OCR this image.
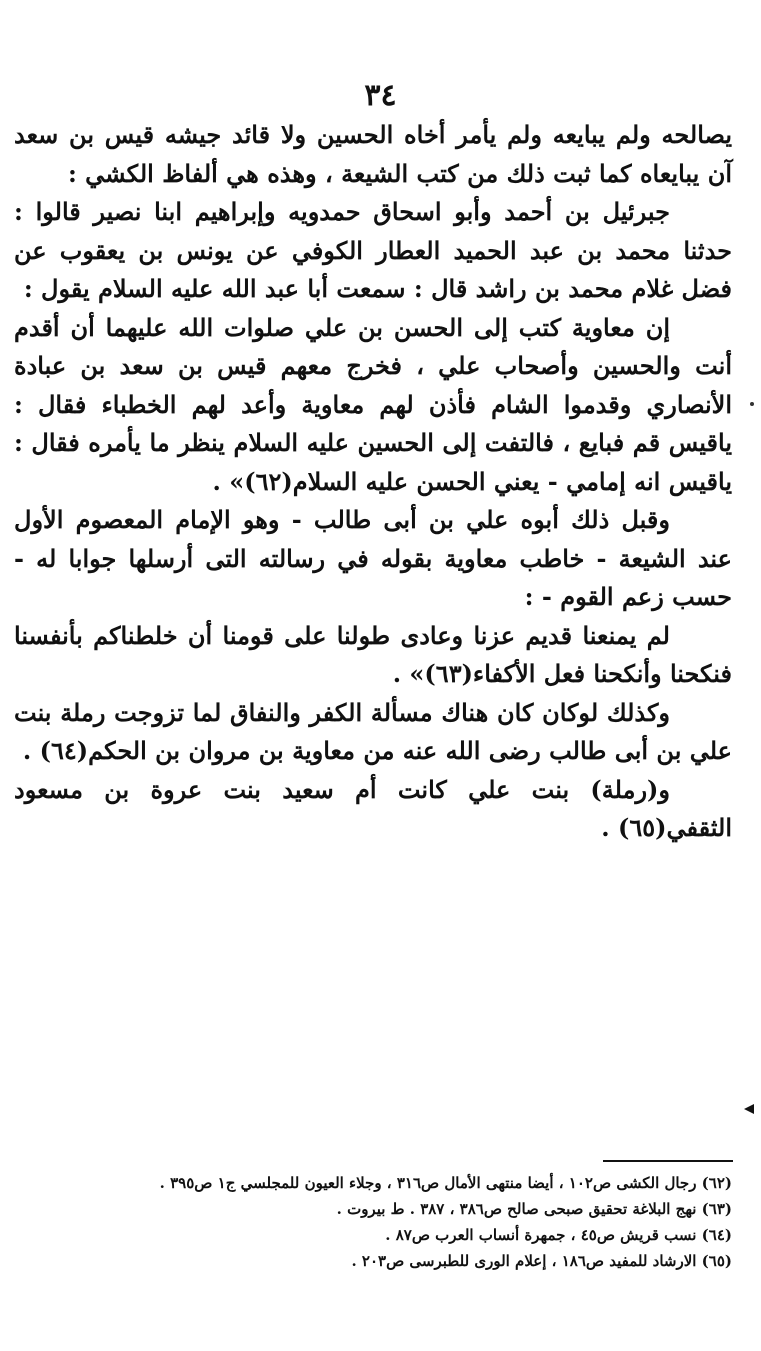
٣٤

يصالحه ولم يبايعه ولم يأمر أخاه الحسين ولا قائد جيشه قيس بن سعد آن يبايعاه كما ثبت ذلك من كتب الشيعة ، وهذه هي ألفاظ الكشي :

جبرئيل بن أحمد وأبو اسحاق حمدويه وإبراهيم ابنا نصير قالوا : حدثنا محمد بن عبد الحميد العطار الكوفي عن يونس بن يعقوب عن فضل غلام محمد بن راشد قال : سمعت أبا عبد الله عليه السلام يقول :

إن معاوية كتب إلى الحسن بن علي صلوات الله عليهما أن أقدم أنت والحسين وأصحاب علي ، فخرج معهم قيس بن سعد بن عبادة الأنصاري وقدموا الشام فأذن لهم معاوية وأعد لهم الخطباء فقال : ياقيس قم فبايع ، فالتفت إلى الحسين عليه السلام ينظر ما يأمره فقال : ياقيس انه إمامي - يعني الحسن عليه السلام(٦٢)» .

وقبل ذلك أبوه علي بن أبى طالب - وهو الإمام المعصوم الأول عند الشيعة - خاطب معاوية بقوله في رسالته التى أرسلها جوابا له - حسب زعم القوم - :

لم يمنعنا قديم عزنا وعادى طولنا على قومنا أن خلطناكم بأنفسنا فنكحنا وأنكحنا فعل الأكفاء(٦٣)» .

وكذلك لوكان كان هناك مسألة الكفر والنفاق لما تزوجت رملة بنت علي بن أبى طالب رضى الله عنه من معاوية بن مروان بن الحكم(٦٤) .

و(رملة) بنت علي كانت أم سعيد بنت عروة بن مسعود الثقفي(٦٥) .

(٦٢) رجال الكشى ص١٠٢ ، أيضا منتهى الأمال ص٣١٦ ، وجلاء العيون للمجلسي ج١ ص٣٩٥ .

(٦٣) نهج البلاغة تحقيق صبحى صالح ص٣٨٦ ، ٣٨٧ . ط بيروت .

(٦٤) نسب قريش ص٤٥ ، جمهرة أنساب العرب ص٨٧ .

(٦٥) الارشاد للمفيد ص١٨٦ ، إعلام الورى للطبرسى ص٢٠٣ .
